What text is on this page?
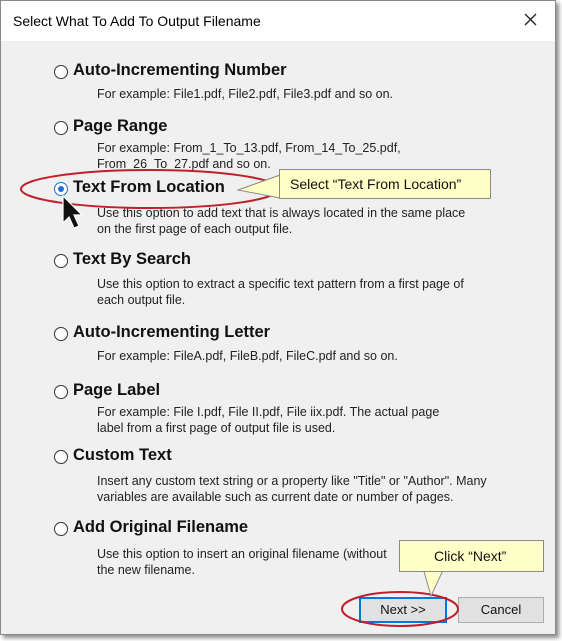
Select What To Add To Output Filename
Auto-Incrementing Number
For example: File1.pdf, File2.pdf, File3.pdf and so on.
Page Range
For example: From_1_To_13.pdf, From_14_To_25.pdf,
From_26_To_27.pdf and so on.
Text From Location
Use this option to add text that is always located in the same place
on the first page of each output file.
Text By Search
Use this option to extract a specific text pattern from a first page of
each output file.
Auto-Incrementing Letter
For example: FileA.pdf, FileB.pdf, FileC.pdf and so on.
Page Label
For example: File I.pdf, File II.pdf, File iix.pdf. The actual page
label from a first page of output file is used.
Custom Text
Insert any custom text string or a property like "Title" or "Author". Many
variables are available such as current date or number of pages.
Add Original Filename
Use this option to insert an original filename (without
the new filename.
Next >>	Cancel
Select “Text From Location”
Click “Next”
